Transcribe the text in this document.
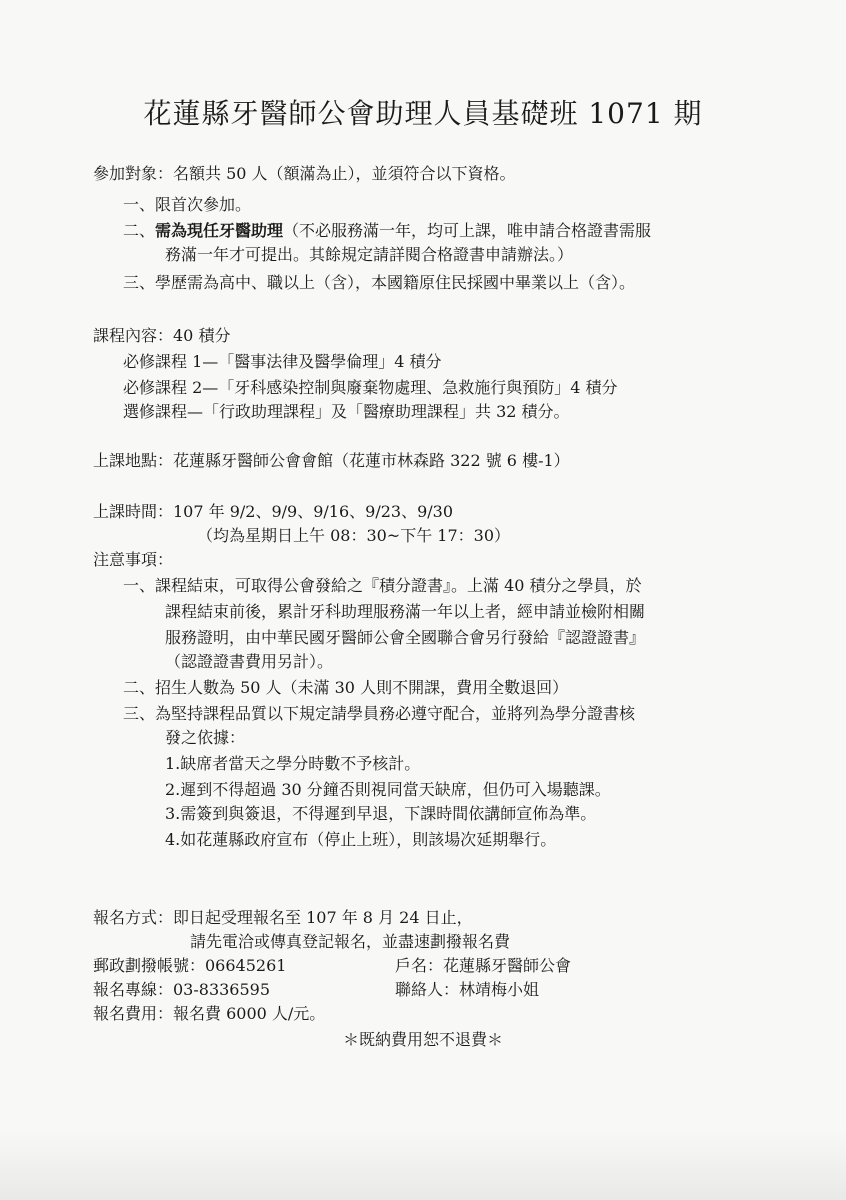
花蓮縣牙醫師公會助理人員基礎班 1071 期
參加對象：名額共 50 人（額滿為止），並須符合以下資格。
一、限首次參加。
二、需為現任牙醫助理（不必服務滿一年，均可上課，唯申請合格證書需服
務滿一年才可提出。其餘規定請詳閱合格證書申請辦法。）
三、學歷需為高中、職以上（含），本國籍原住民採國中畢業以上（含）。
課程內容：40 積分
必修課程 1—「醫事法律及醫學倫理」4 積分
必修課程 2—「牙科感染控制與廢棄物處理、急救施行與預防」4 積分
選修課程—「行政助理課程」及「醫療助理課程」共 32 積分。
上課地點：花蓮縣牙醫師公會會館（花蓮市林森路 322 號 6 樓-1）
上課時間：107 年 9/2、9/9、9/16、9/23、9/30
（均為星期日上午 08：30~下午 17：30）
注意事項：
一、課程結束，可取得公會發給之『積分證書』。上滿 40 積分之學員，於
課程結束前後，累計牙科助理服務滿一年以上者，經申請並檢附相關
服務證明，由中華民國牙醫師公會全國聯合會另行發給『認證證書』
（認證證書費用另計）。
二、招生人數為 50 人（未滿 30 人則不開課，費用全數退回）
三、為堅持課程品質以下規定請學員務必遵守配合，並將列為學分證書核
發之依據：
1.缺席者當天之學分時數不予核計。
2.遲到不得超過 30 分鐘否則視同當天缺席，但仍可入場聽課。
3.需簽到與簽退，不得遲到早退，下課時間依講師宣佈為準。
4.如花蓮縣政府宣布（停止上班），則該場次延期舉行。
報名方式：即日起受理報名至 107 年 8 月 24 日止，
請先電洽或傳真登記報名，並盡速劃撥報名費
郵政劃撥帳號：06645261	戶名：花蓮縣牙醫師公會
報名專線：03-8336595	聯絡人：林靖梅小姐
報名費用：報名費 6000 人/元。
＊既納費用恕不退費＊
